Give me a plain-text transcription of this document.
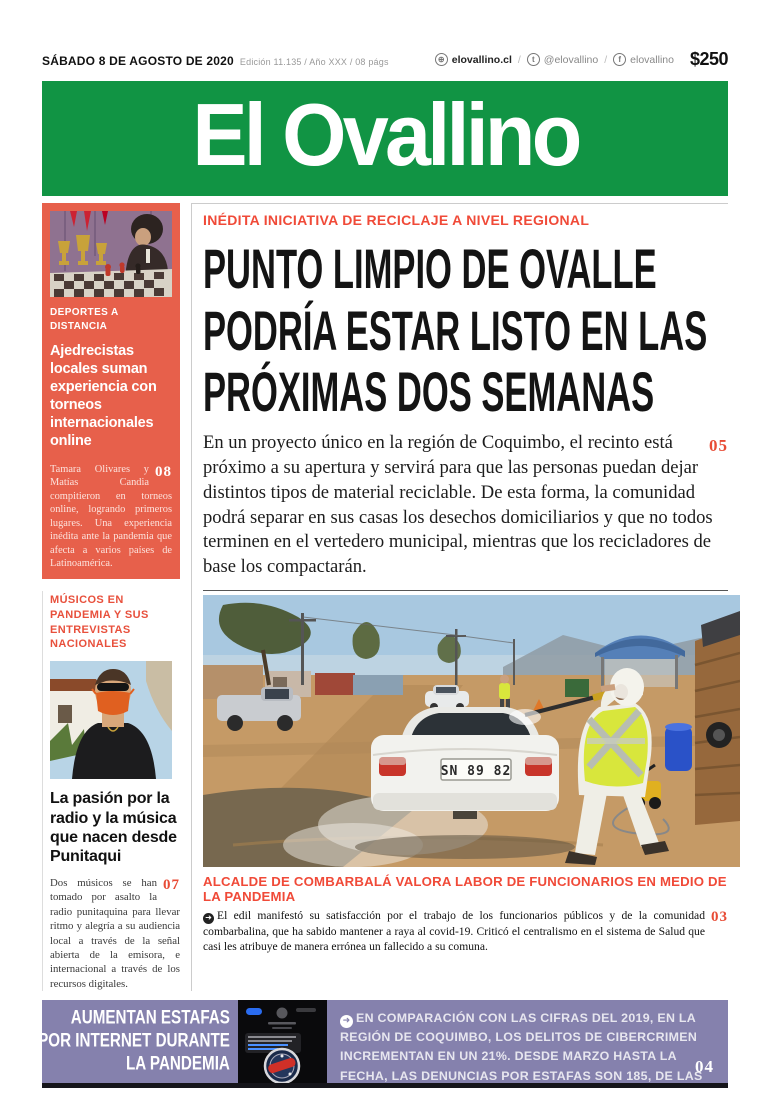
SÁBADO 8 DE AGOSTO DE 2020 Edición 11.135 / Año XXX / 08 págs	⊕ elovallino.cl /	t @elovallino /	f elovallino $250
El Ovallino
DEPORTES A DISTANCIA
Ajedrecistas locales suman experiencia con torneos internacionales online
08
Tamara Olivares y Matías Candia compitieron en torneos online, logrando primeros lugares. Una experiencia inédita ante la pandemia que afecta a varios países de Latinoamérica.
MÚSICOS EN PANDEMIA Y SUS ENTREVISTAS NACIONALES
La pasión por la radio y la música que nacen desde Punitaqui
07
Dos músicos se han tomado por asalto la radio punitaquina para llevar ritmo y alegría a su audiencia local a través de la señal abierta de la emisora, e internacional a través de los recursos digitales.
INÉDITA INICIATIVA DE RECICLAJE A NIVEL REGIONAL
PUNTO LIMPIO DE OVALLE
PODRÍA ESTAR LISTO EN LAS
PRÓXIMAS DOS SEMANAS
05
En un proyecto único en la región de Coquimbo, el recinto está próximo a su apertura y servirá para que las personas puedan dejar distintos tipos de material reciclable. De esta forma, la comunidad podrá separar en sus casas los desechos domiciliarios y que no todos terminen en el vertedero municipal, mientras que los recicladores de base los compactarán.
SN 89 82
ALCALDE DE COMBARBALÁ VALORA LABOR DE FUNCIONARIOS EN MEDIO DE LA PANDEMIA
03
➜ El edil manifestó su satisfacción por el trabajo de los funcionarios públicos y de la comunidad combarbalina, que ha sabido mantener a raya al covid-19. Criticó el centralismo en el sistema de Salud que casi les atribuye de manera errónea un fallecido a su comuna.
AUMENTAN ESTAFAS
POR INTERNET DURANTE
LA PANDEMIA
➜ EN COMPARACIÓN CON LAS CIFRAS DEL 2019, EN LA REGIÓN DE COQUIMBO, LOS DELITOS DE CIBERCRIMEN INCREMENTAN EN UN 21%. DESDE MARZO HASTA LA FECHA, LAS DENUNCIAS POR ESTAFAS SON 185, DE LAS CUALES 119 FUERON A TRAVÉS DE INTERNET.
04
